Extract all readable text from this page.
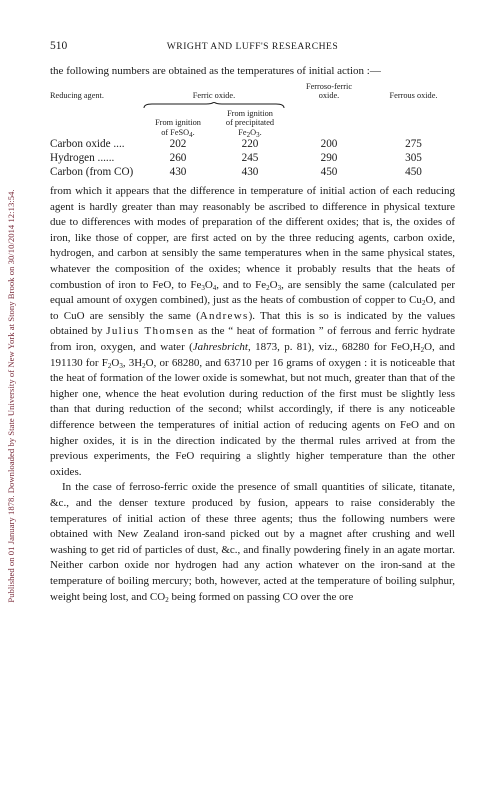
Published on 01 January 1878. Downloaded by State University of New York at Stony Brook on 30/10/2014 12:13:54.
510	WRIGHT AND LUFF'S RESEARCHES

the following numbers are obtained as the temperatures of initial action :—

			Ferroso-ferric	
Reducing agent.	Ferric oxide.		oxide.	Ferrous oxide.

		From ignition		
	From ignition	of precipitated		
	of FeSO$_4$.	$Fe_2O_3$.		
Carbon oxide ....	202	220	200	275
Hydrogen ......	260	245	290	305
Carbon (from CO)	430	430	450	450

from which it appears that the difference in temperature of initial action of each reducing agent is hardly greater than may reasonably be ascribed to difference in physical texture due to differences with modes of preparation of the different oxides; that is, the oxides of iron, like those of copper, are first acted on by the three reducing agents, carbon oxide, hydrogen, and carbon at sensibly the same temperatures when in the same physical states, whatever the composition of the oxides; whence it probably results that the heats of combustion of iron to FeO, to $Fe_3O_4$, and to $Fe_2O_3$, are sensibly the same (calculated per equal amount of oxygen combined), just as the heats of combustion of copper to $Cu_2O$, and to CuO are sensibly the same (Andrews). That this is so is indicated by the values obtained by Julius Thomsen as the “ heat of formation ” of ferrous and ferric hydrate from iron, oxygen, and water (Jahresbricht, 1873, p. 81), viz., 68280 for $FeO,H_2O$, and 191130 for $F_2O_3$, $3H_2O$, or 68280, and 63710 per 16 grams of oxygen : it is noticeable that the heat of formation of the lower oxide is somewhat, but not much, greater than that of the higher one, whence the heat evolution during reduction of the first must be slightly less than that during reduction of the second; whilst accordingly, if there is any noticeable difference between the temperatures of initial action of reducing agents on FeO and on higher oxides, it is in the direction indicated by the thermal rules arrived at from the previous experiments, the FeO requiring a slightly higher temperature than the other oxides.

In the case of ferroso-ferric oxide the presence of small quantities of silicate, titanate, &c., and the denser texture produced by fusion, appears to raise considerably the temperatures of initial action of these three agents; thus the following numbers were obtained with New Zealand iron-sand picked out by a magnet after crushing and well washing to get rid of particles of dust, &c., and finally powdering finely in an agate mortar. Neither carbon oxide nor hydrogen had any action whatever on the iron-sand at the temperature of boiling mercury; both, however, acted at the temperature of boiling sulphur, weight being lost, and $CO_2$ being formed on passing CO over the ore
